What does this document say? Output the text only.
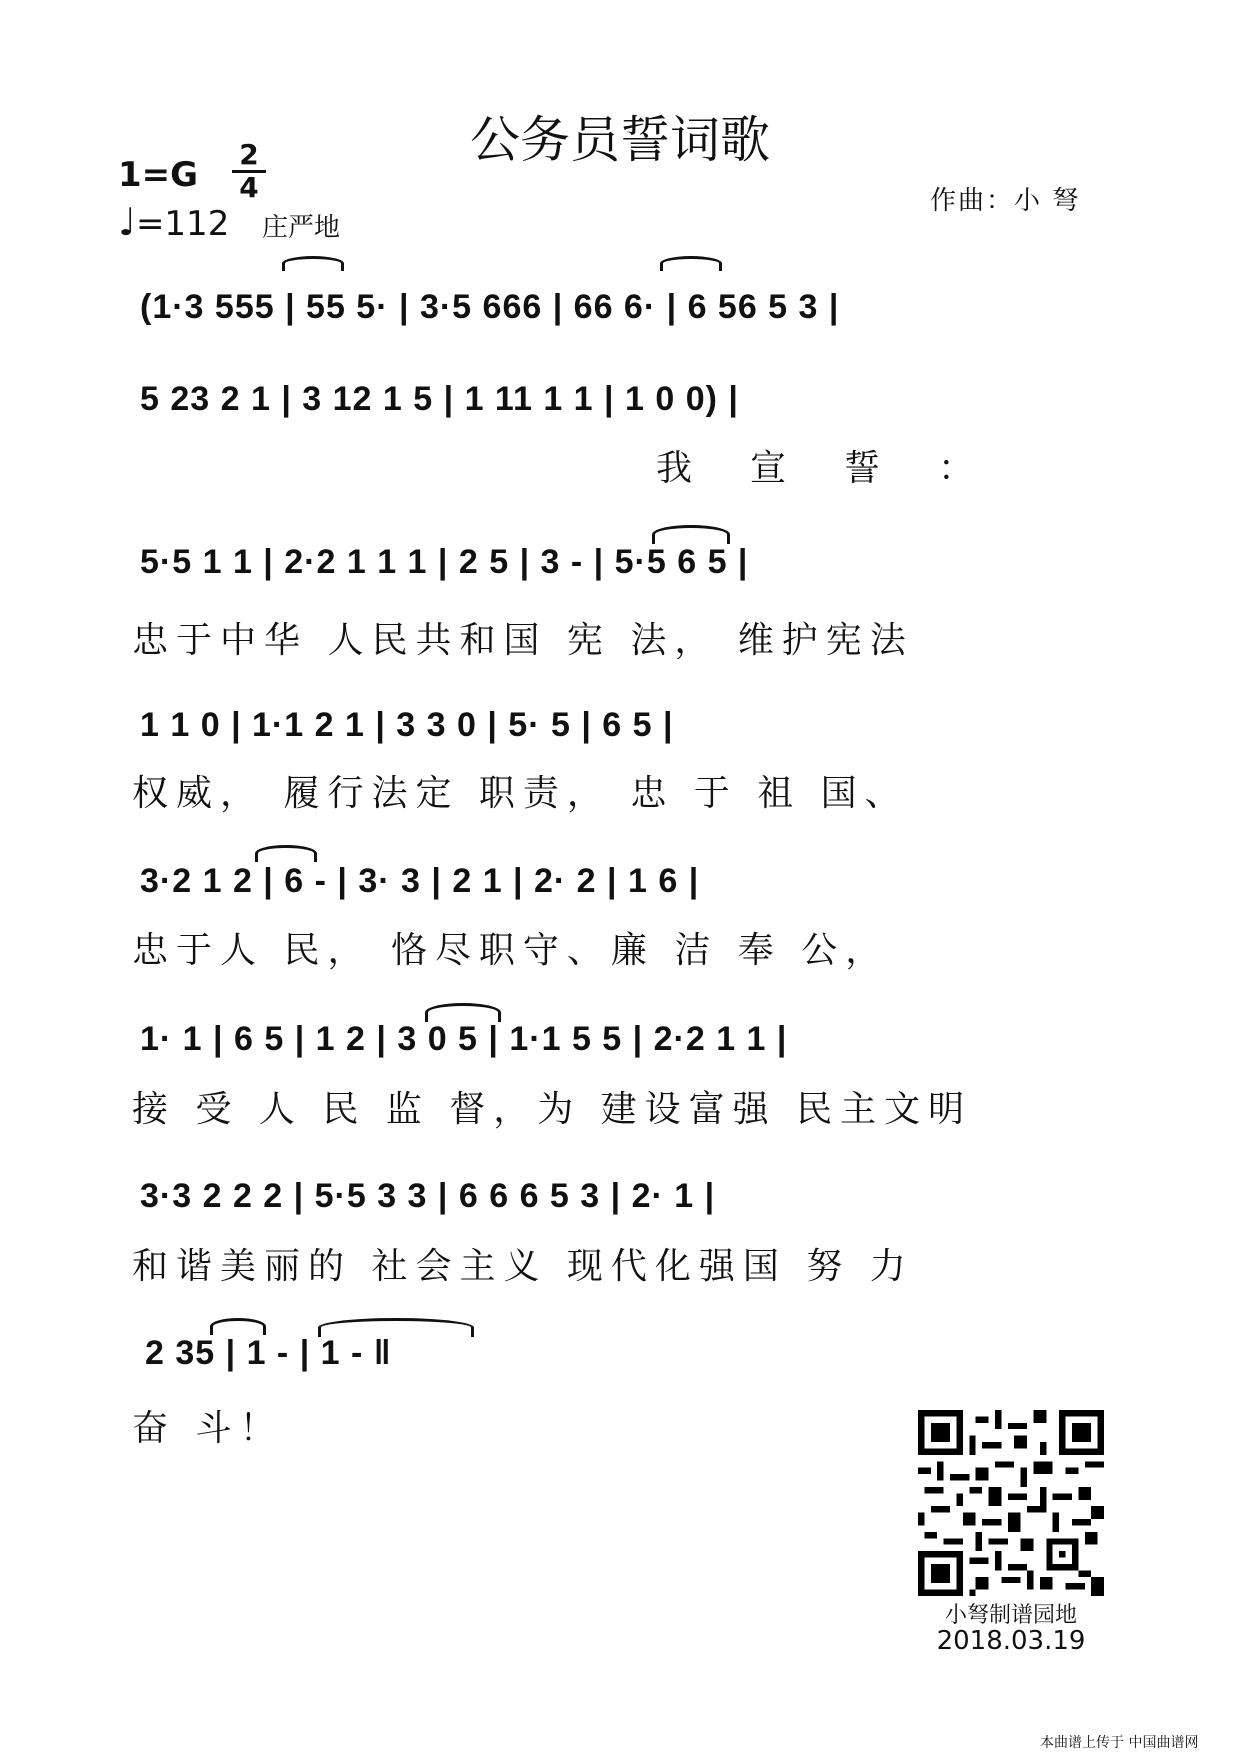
公务员誓词歌
$1=G \frac{2}{4}$
♩=112 庄严地
作曲：小 弩
(1·3 555 | 55 5· | 3·5 666 | 66 6· | 6 56 5 3 |
5 23 2 1 | 3 12 1 5 | 1 11 1 1 | 1 0 0) |
我宣誓：
5·5 1 1 | 2·2 1 1 1 | 2 5 | 3 - | 5·5 6 5 |
忠于中华 人民共和国 宪 法， 维护宪法
1 1 0 | 1·1 2 1 | 3 3 0 | 5· 5 | 6 5 |
权威， 履行法定 职责， 忠 于 祖 国、
3·2 1 2 | 6 - | 3· 3 | 2 1 | 2· 2 | 1 6 |
忠于人 民， 恪尽职守、廉 洁 奉 公，
1· 1 | 6 5 | 1 2 | 3 0 5 | 1·1 5 5 | 2·2 1 1 |
接 受 人 民 监 督，为 建设富强 民主文明
3·3 2 2 2 | 5·5 3 3 | 6 6 6 5 3 | 2· 1 |
和谐美丽的 社会主义 现代化强国 努 力
2 35 | 1 - | 1 - ‖
奋 斗！
小弩制谱园地
2018.03.19
本曲谱上传于 中国曲谱网
